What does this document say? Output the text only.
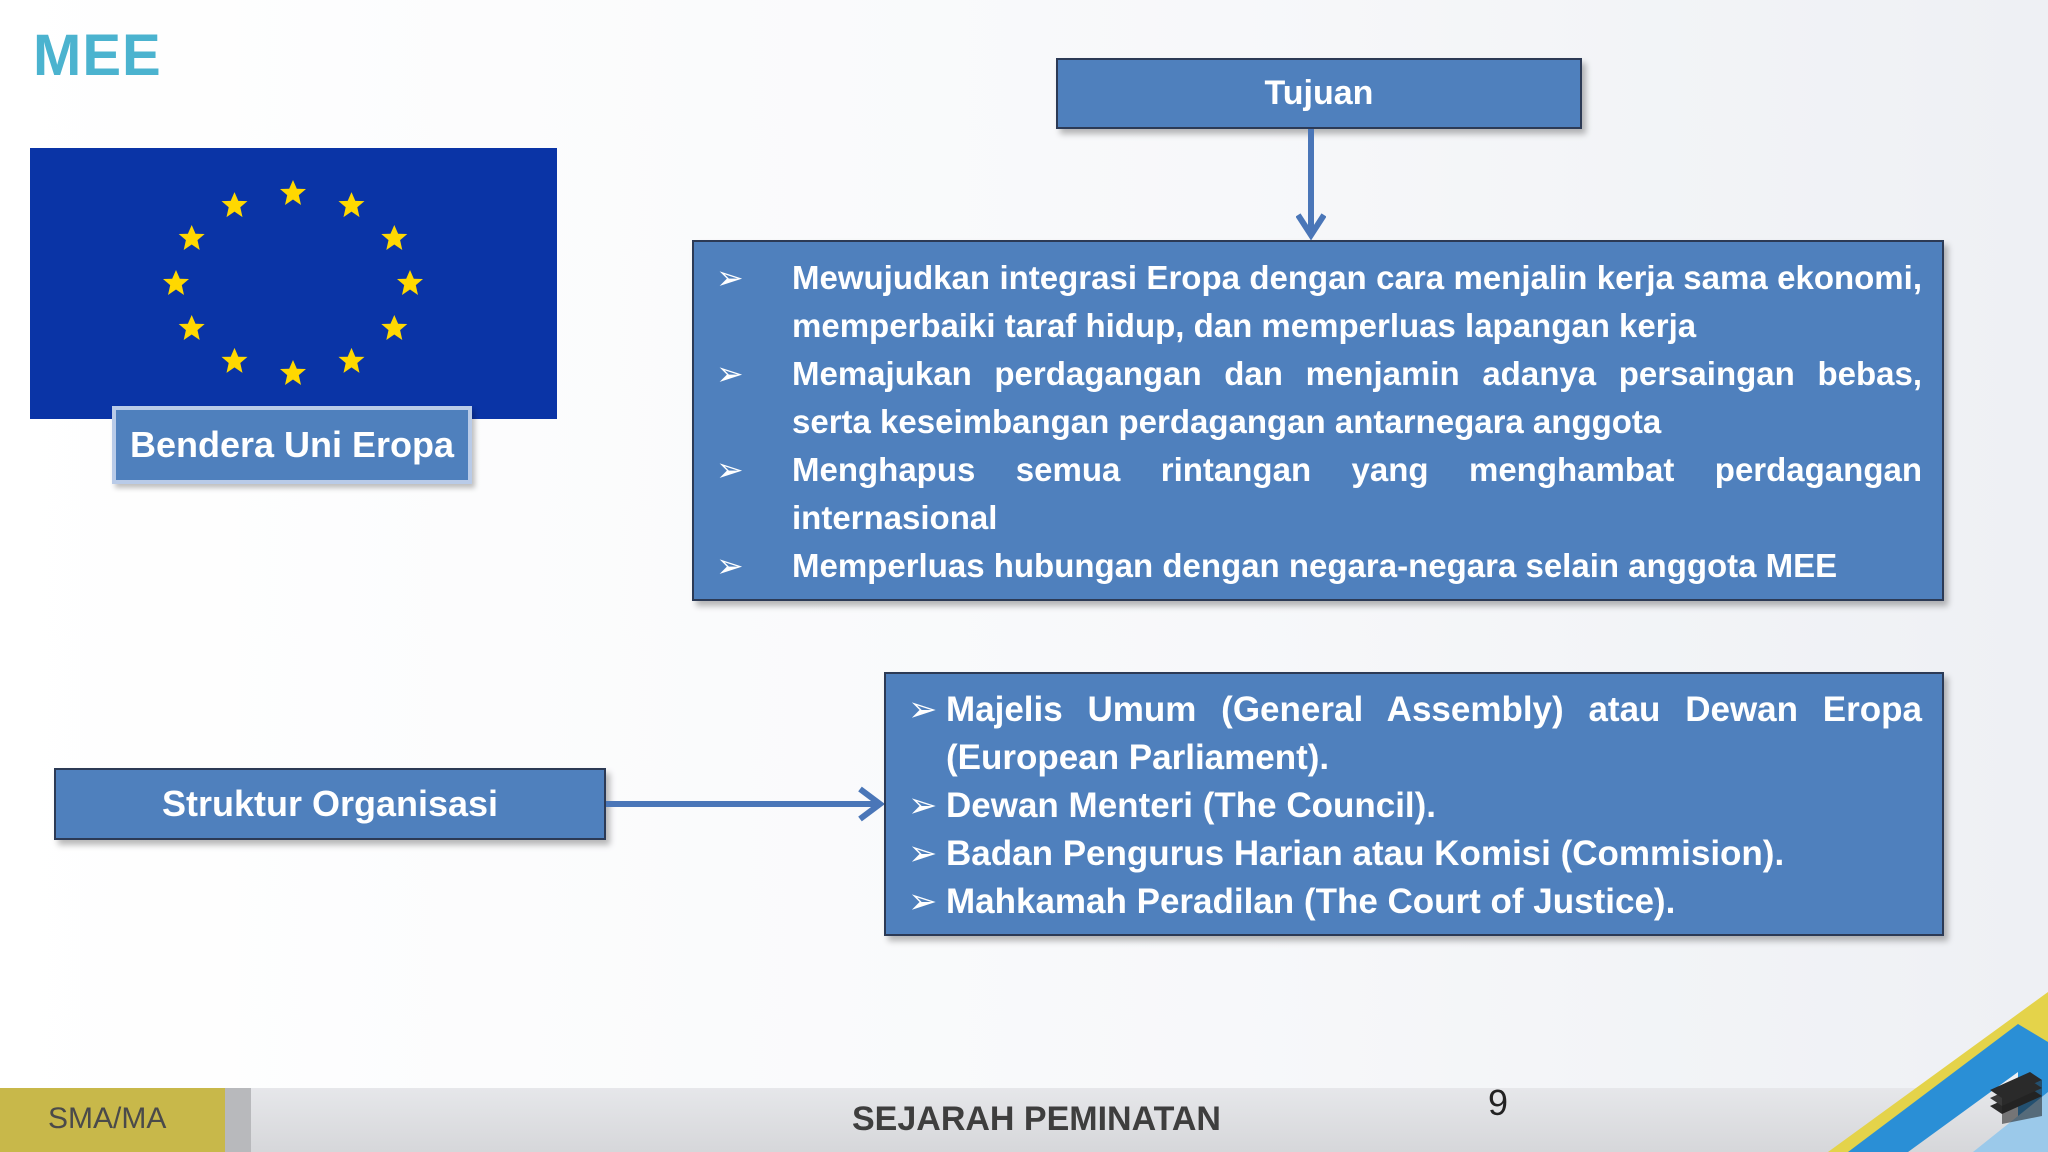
MEE
Bendera Uni Eropa
Tujuan
➢ Mewujudkan integrasi Eropa dengan cara menjalin kerja sama ekonomi, memperbaiki taraf hidup, dan memperluas lapangan kerja
➢ Memajukan perdagangan dan menjamin adanya persaingan bebas, serta keseimbangan perdagangan antarnegara anggota
➢ Menghapus semua rintangan yang menghambat perdagangan internasional
➢ Memperluas hubungan dengan negara-negara selain anggota MEE
Struktur Organisasi
➢ Majelis Umum (General Assembly) atau Dewan Eropa (European Parliament).
➢ Dewan Menteri (The Council).
➢ Badan Pengurus Harian atau Komisi (Commision).
➢ Mahkamah Peradilan (The Court of Justice).
SMA/MA	SEJARAH PEMINATAN	9
